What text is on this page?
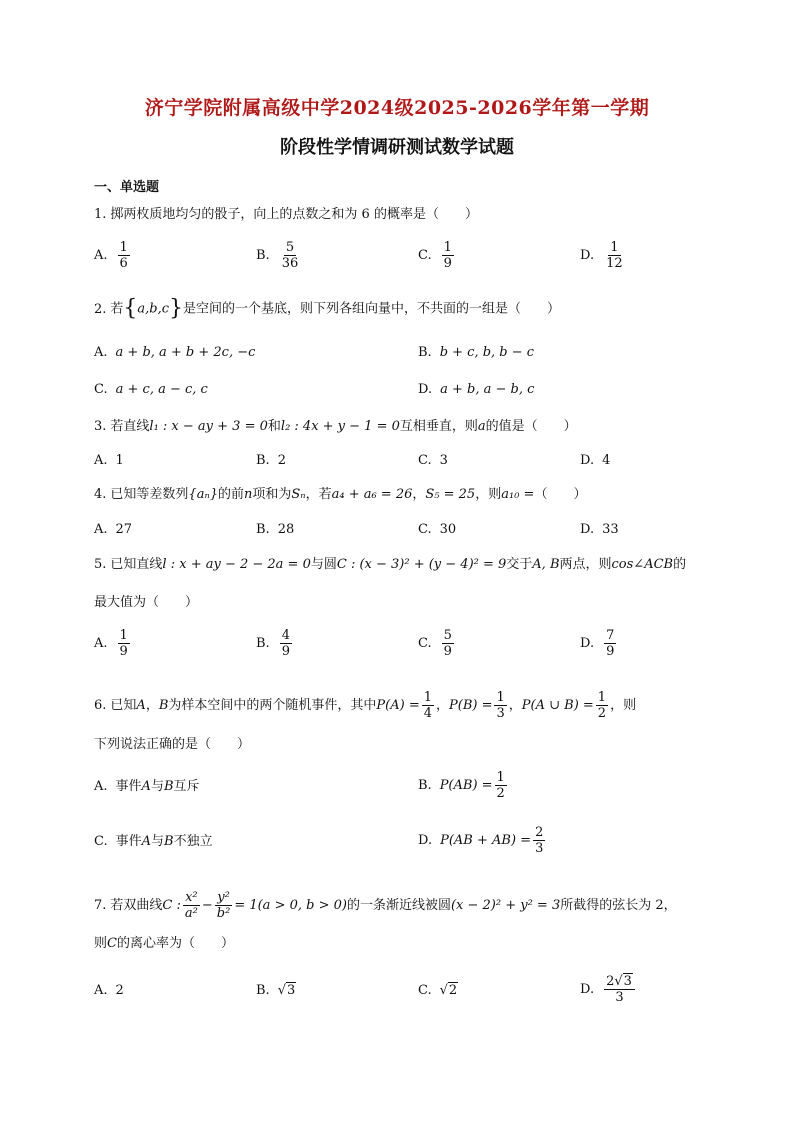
济宁学院附属高级中学2024级2025-2026学年第一学期
阶段性学情调研测试数学试题
一、单选题
1. 掷两枚质地均匀的骰子，向上的点数之和为 6 的概率是（　　）
A. $\frac{1}{6}$	B. $\frac{5}{36}$	C. $\frac{1}{9}$	D. $\frac{1}{12}$
2. 若{a,b,c}是空间的一个基底，则下列各组向量中，不共面的一组是（　　）
A. a + b, a + b + 2c, −c	B. b + c, b, b − c
C. a + c, a − c, c	D. a + b, a − b, c
3. 若直线l₁ : x − ay + 3 = 0和l₂ : 4x + y − 1 = 0互相垂直，则a的值是（　　）
A. 1	B. 2	C. 3	D. 4
4. 已知等差数列{aₙ}的前n项和为Sₙ，若a₄ + a₆ = 26，S₅ = 25，则a₁₀ =（　　）
A. 27	B. 28	C. 30	D. 33
5. 已知直线l : x + ay − 2 − 2a = 0与圆C : (x − 3)² + (y − 4)² = 9交于A, B两点，则cos∠ACB的
最大值为（　　）
A. $\frac{1}{9}$	B. $\frac{4}{9}$	C. $\frac{5}{9}$	D. $\frac{7}{9}$
6. 已知A，B为样本空间中的两个随机事件，其中$P(A) = \frac{1}{4}$ ，$P(B) = \frac{1}{3}$ ，P(A ∪ $B) = \frac{1}{2}$ ，则
下列说法正确的是（　　）
A. 事件A与B互斥	B. $P(AB) = \frac{1}{2}$
C. 事件A与B不独立	D. $P(AB + AB) = \frac{2}{3}$
7. 若双曲线C : $\frac{\text{x²}}{\text{a²}} - \frac{\text{y²}}{\text{b²}} = 1(a > 0$, b > 0)的一条渐近线被圆(x − 2)² + y² = 3所截得的弦长为 2，
则C的离心率为（　　）
A. 2	B. √3	C. √2	D. $\frac{2√3}{3}$
